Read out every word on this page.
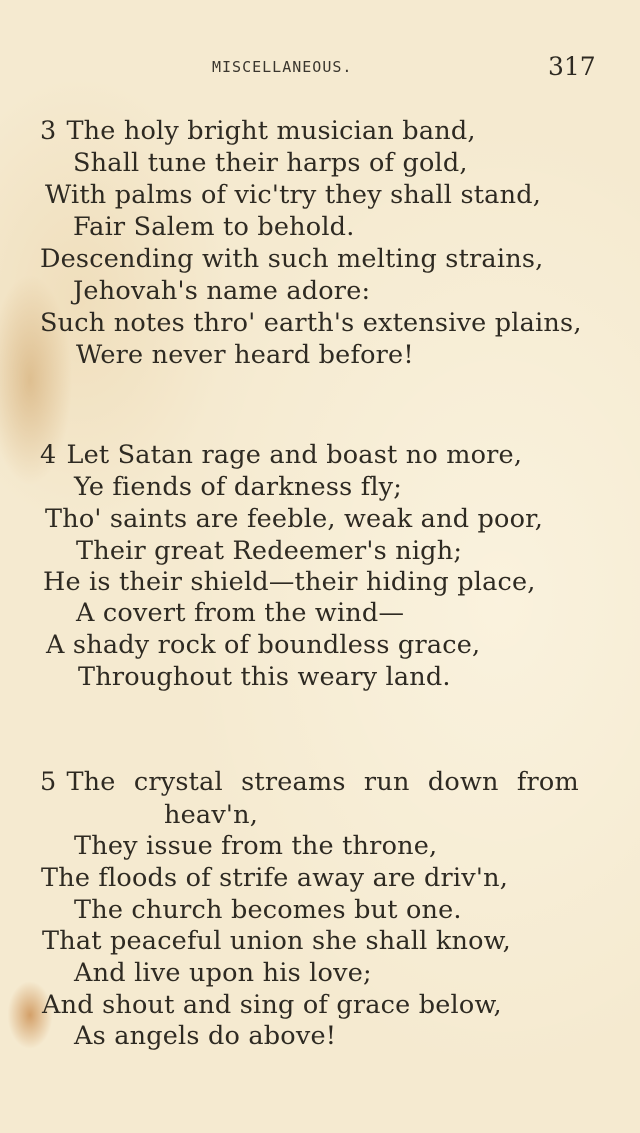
MISCELLANEOUS.	317
3 The holy bright musician band,
Shall tune their harps of gold,
With palms of vic'try they shall stand,
Fair Salem to behold.
Descending with such melting strains,
Jehovah's name adore:
Such notes thro' earth's extensive plains,
Were never heard before!
4 Let Satan rage and boast no more,
Ye fiends of darkness fly;
Tho' saints are feeble, weak and poor,
Their great Redeemer's nigh;
He is their shield—their hiding place,
A covert from the wind—
A shady rock of boundless grace,
Throughout this weary land.
5 The crystal streams run down from
heav'n,
They issue from the throne,
The floods of strife away are driv'n,
The church becomes but one.
That peaceful union she shall know,
And live upon his love;
And shout and sing of grace below,
As angels do above!
